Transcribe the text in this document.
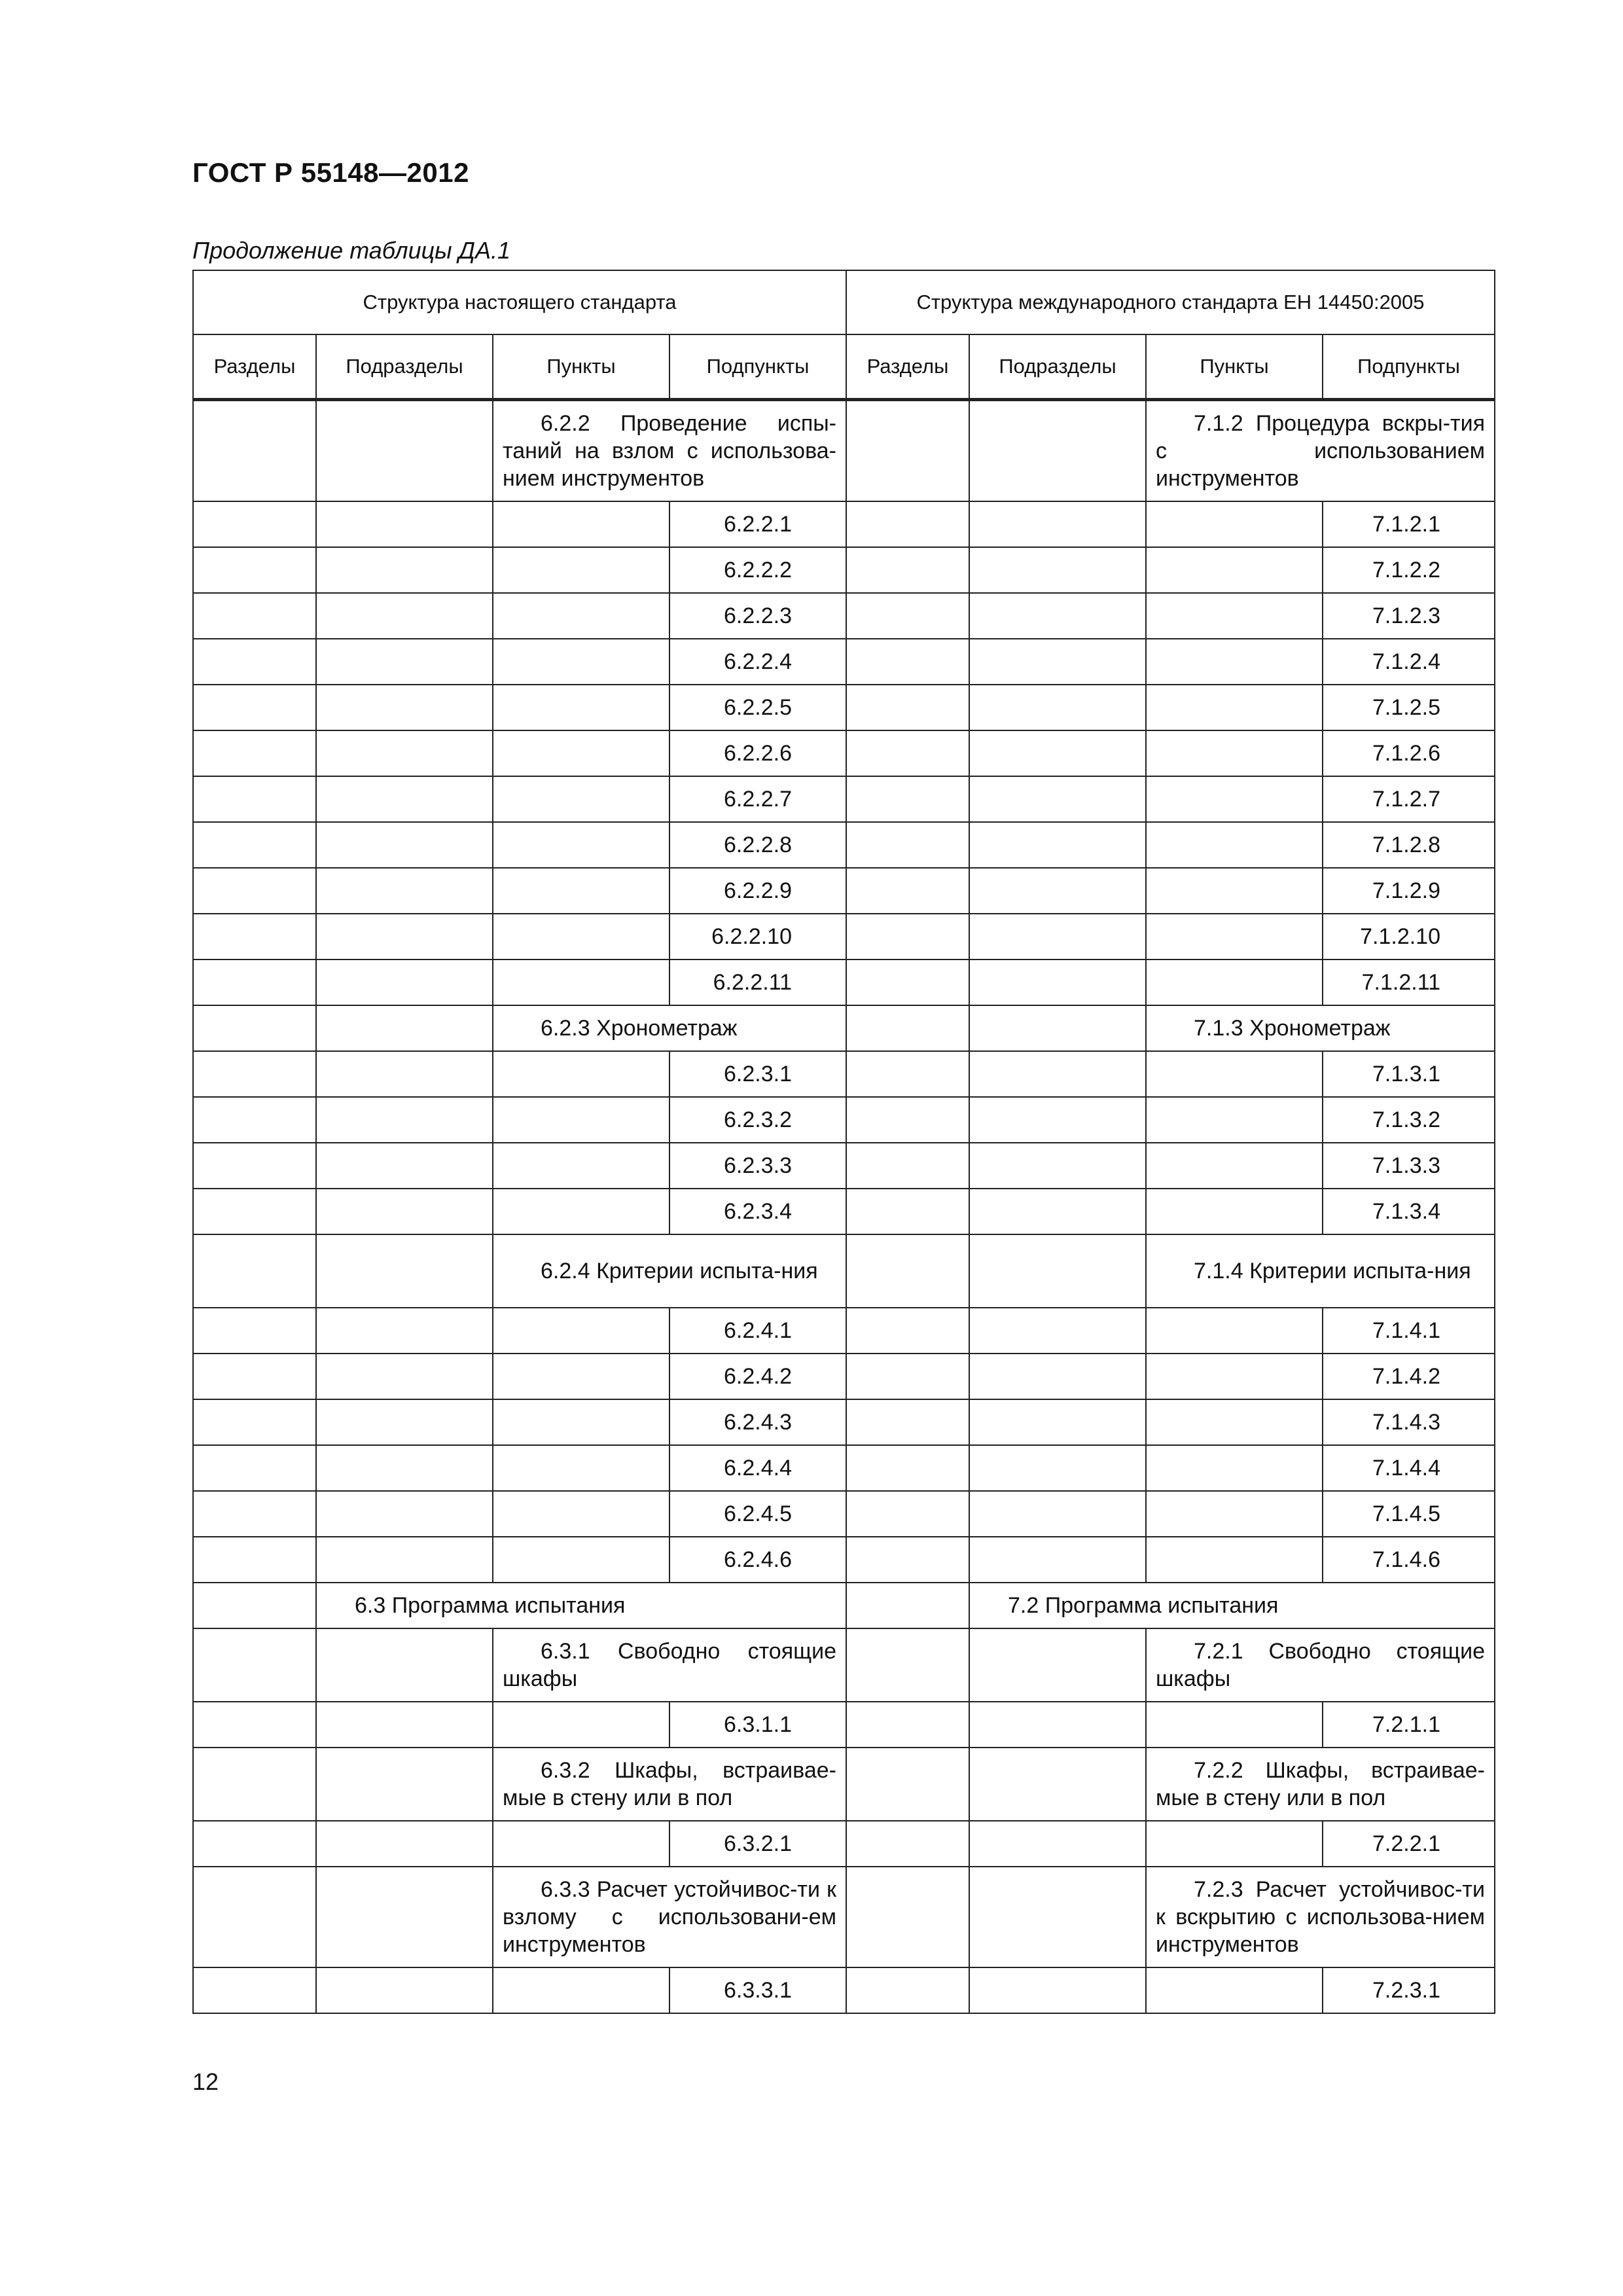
ГОСТ Р 55148—2012
Продолжение таблицы ДА.1
Структура настоящего стандарта				Структура международного стандарта ЕН 14450:2005			
Разделы	Подразделы	Пункты	Подпункты	Разделы	Подразделы	Пункты	Подпункты

		6.2.2 Проведение испы-таний на взлом с использова-нием инструментов				7.1.2 Процедура вскры-тия с использованием инструментов	

			6.2.2.1				7.1.2.1

			6.2.2.2				7.1.2.2

			6.2.2.3				7.1.2.3

			6.2.2.4				7.1.2.4

			6.2.2.5				7.1.2.5

			6.2.2.6				7.1.2.6

			6.2.2.7				7.1.2.7

			6.2.2.8				7.1.2.8

			6.2.2.9				7.1.2.9

			6.2.2.10				7.1.2.10

			6.2.2.11				7.1.2.11

		6.2.3 Хронометраж				7.1.3 Хронометраж	

			6.2.3.1				7.1.3.1

			6.2.3.2				7.1.3.2

			6.2.3.3				7.1.3.3

			6.2.3.4				7.1.3.4

		6.2.4 Критерии испыта-ния				7.1.4 Критерии испыта-ния	

			6.2.4.1				7.1.4.1

			6.2.4.2				7.1.4.2

			6.2.4.3				7.1.4.3

			6.2.4.4				7.1.4.4

			6.2.4.5				7.1.4.5

			6.2.4.6				7.1.4.6

	6.3 Программа испытания				7.2 Программа испытания		

		6.3.1 Свободно стоящие шкафы				7.2.1 Свободно стоящие шкафы	

			6.3.1.1				7.2.1.1

		6.3.2 Шкафы, встраивае-мые в стену или в пол				7.2.2 Шкафы, встраивае-мые в стену или в пол	

			6.3.2.1				7.2.2.1

		6.3.3 Расчет устойчивос-ти к взлому с использовани-ем инструментов				7.2.3 Расчет устойчивос-ти к вскрытию с использова-нием инструментов	

			6.3.3.1				7.2.3.1
12
